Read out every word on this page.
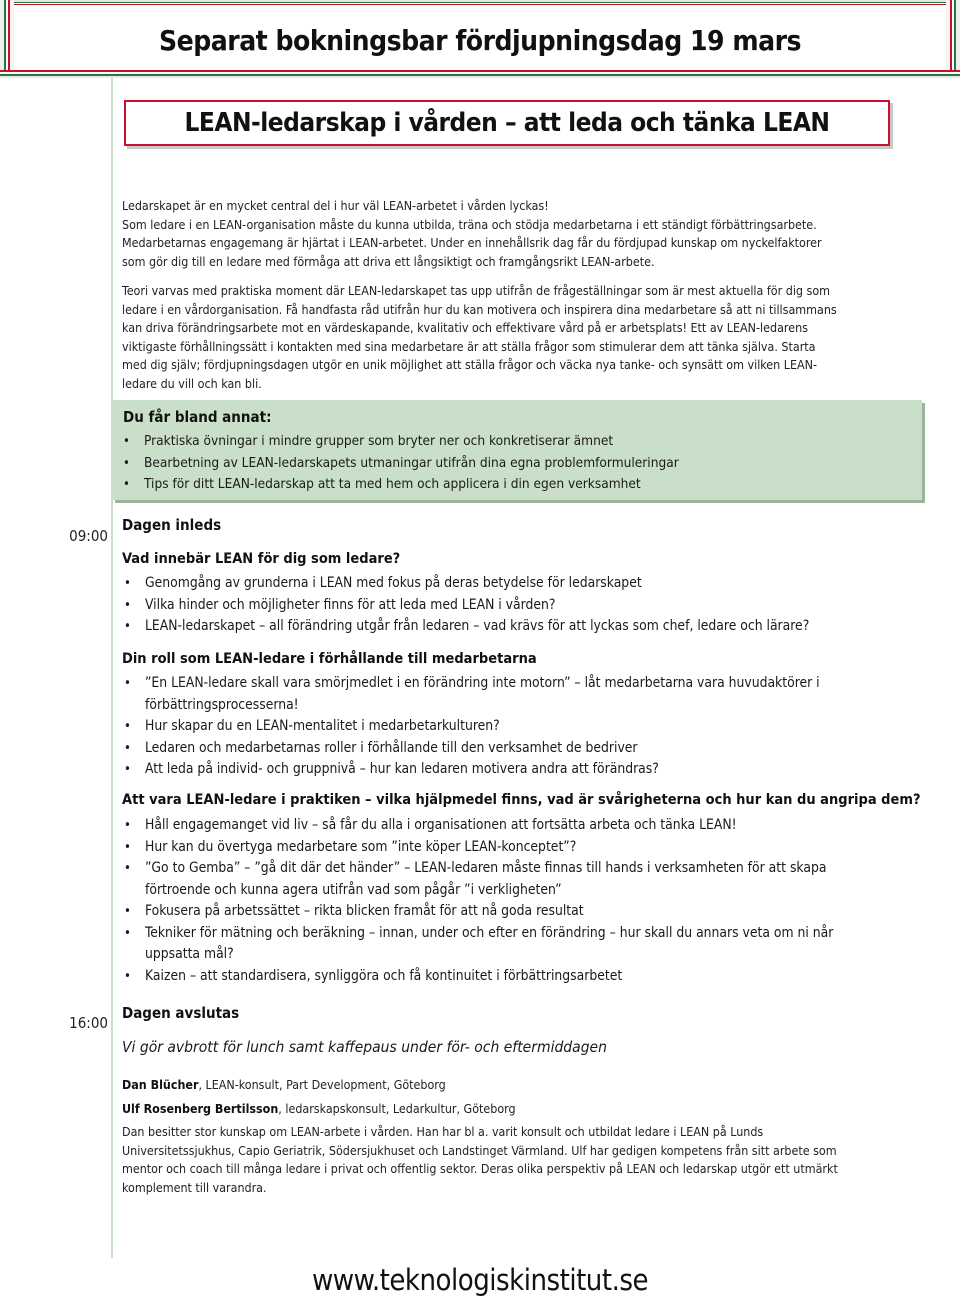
Separat bokningsbar fördjupningsdag 19 mars
LEAN-ledarskap i vården – att leda och tänka LEAN

Ledarskapet är en mycket central del i hur väl LEAN-arbetet i vården lyckas!
Som ledare i en LEAN-organisation måste du kunna utbilda, träna och stödja medarbetarna i ett ständigt förbättringsarbete.
Medarbetarnas engagemang är hjärtat i LEAN-arbetet. Under en innehållsrik dag får du fördjupad kunskap om nyckelfaktorer som gör dig till en ledare med förmåga att driva ett långsiktigt och framgångsrikt LEAN-arbete.

Teori varvas med praktiska moment där LEAN-ledarskapet tas upp utifrån de frågeställningar som är mest aktuella för dig som ledare i en vårdorganisation. Få handfasta råd utifrån hur du kan motivera och inspirera dina medarbetare så att ni tillsammans kan driva förändringsarbete mot en värdeskapande, kvalitativ och effektivare vård på er arbetsplats! Ett av LEAN-ledarens viktigaste förhållningssätt i kontakten med sina medarbetare är att ställa frågor som stimulerar dem att tänka själva. Starta med dig själv; fördjupningsdagen utgör en unik möjlighet att ställa frågor och väcka nya tanke- och synsätt om vilken LEAN-ledare du vill och kan bli.

Du får bland annat:
• Praktiska övningar i mindre grupper som bryter ner och konkretiserar ämnet
• Bearbetning av LEAN-ledarskapets utmaningar utifrån dina egna problemformuleringar
• Tips för ditt LEAN-ledarskap att ta med hem och applicera i din egen verksamhet
09:00
Dagen inleds
Vad innebär LEAN för dig som ledare?
• Genomgång av grunderna i LEAN med fokus på deras betydelse för ledarskapet
• Vilka hinder och möjligheter finns för att leda med LEAN i vården?
• LEAN-ledarskapet – all förändring utgår från ledaren – vad krävs för att lyckas som chef, ledare och lärare?
Din roll som LEAN-ledare i förhållande till medarbetarna
• ”En LEAN-ledare skall vara smörjmedlet i en förändring inte motorn” – låt medarbetarna vara huvudaktörer i förbättringsprocesserna!
• Hur skapar du en LEAN-mentalitet i medarbetarkulturen?
• Ledaren och medarbetarnas roller i förhållande till den verksamhet de bedriver
• Att leda på individ- och gruppnivå – hur kan ledaren motivera andra att förändras?
Att vara LEAN-ledare i praktiken – vilka hjälpmedel finns, vad är svårigheterna och hur kan du angripa dem?
• Håll engagemanget vid liv – så får du alla i organisationen att fortsätta arbeta och tänka LEAN!
• Hur kan du övertyga medarbetare som ”inte köper LEAN-konceptet”?
• ”Go to Gemba” – ”gå dit där det händer” – LEAN-ledaren måste finnas till hands i verksamheten för att skapa förtroende och kunna agera utifrån vad som pågår ”i verkligheten”
• Fokusera på arbetssättet – rikta blicken framåt för att nå goda resultat
• Tekniker för mätning och beräkning – innan, under och efter en förändring – hur skall du annars veta om ni når uppsatta mål?
• Kaizen – att standardisera, synliggöra och få kontinuitet i förbättringsarbetet
16:00
Dagen avslutas
Vi gör avbrott för lunch samt kaffepaus under för- och eftermiddagen
Dan Blücher, LEAN-konsult, Part Development, Göteborg
Ulf Rosenberg Bertilsson, ledarskapskonsult, Ledarkultur, Göteborg
Dan besitter stor kunskap om LEAN-arbete i vården. Han har bl a. varit konsult och utbildat ledare i LEAN på Lunds Universitetssjukhus, Capio Geriatrik, Södersjukhuset och Landstinget Värmland. Ulf har gedigen kompetens från sitt arbete som mentor och coach till många ledare i privat och offentlig sektor. Deras olika perspektiv på LEAN och ledarskap utgör ett utmärkt komplement till varandra.
www.teknologiskinstitut.se
